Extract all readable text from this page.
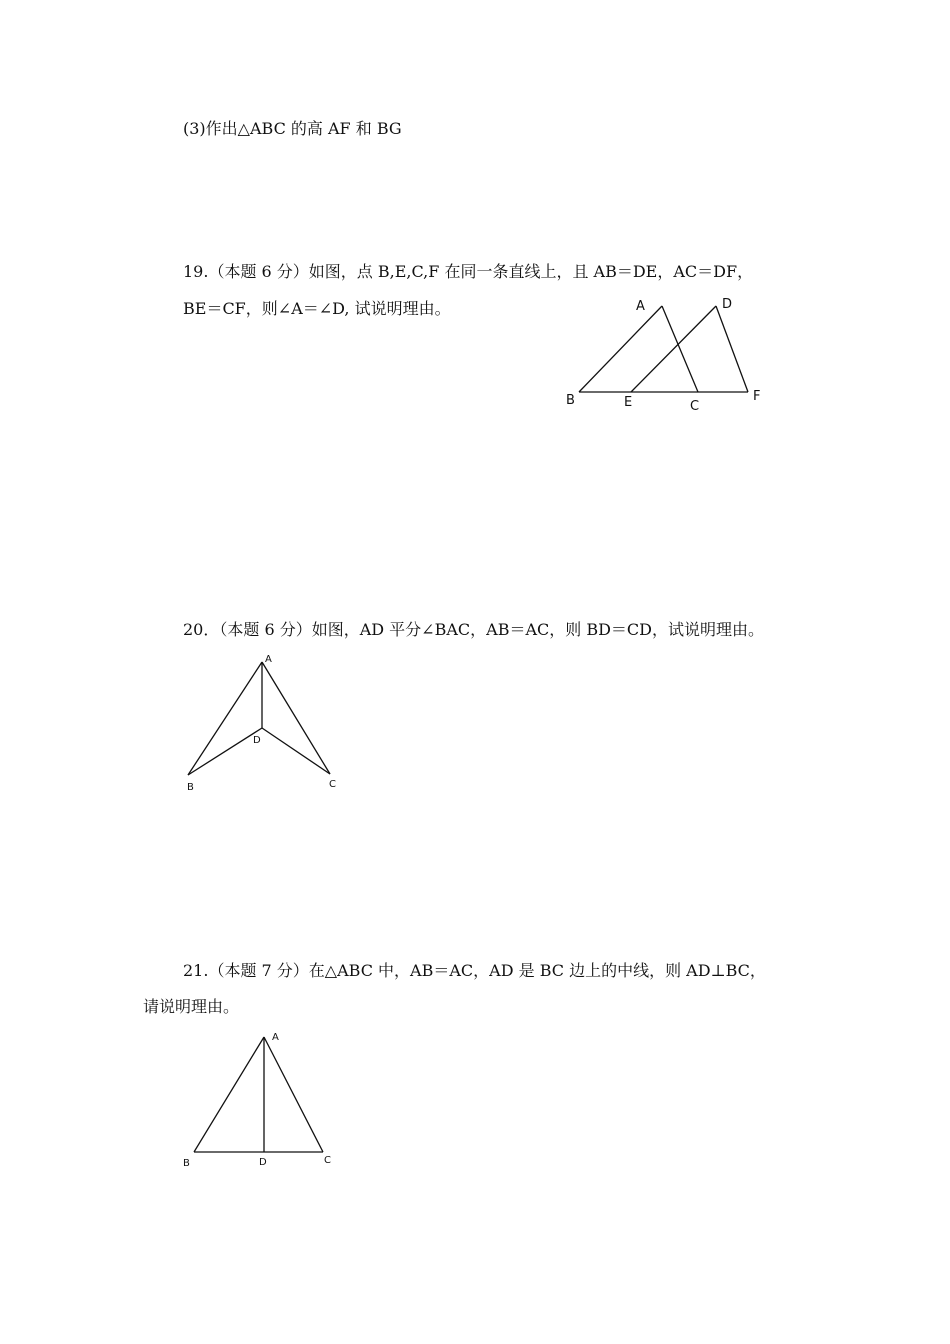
(3)作出△ABC 的高 AF 和 BG
19.（本题 6 分）如图，点 B,E,C,F 在同一条直线上，且 AB＝DE，AC＝DF，
BE＝CF，则∠A＝∠D, 试说明理由。	A	D
B	E	C
F
20．（本题 6 分）如图，AD 平分∠BAC，AB＝AC，则 BD＝CD，试说明理由。
A
D
B	C
21.（本题 7 分）在△ABC 中，AB＝AC，AD 是 BC 边上的中线，则 AD⊥BC，
请说明理由。
A
B	D	C
